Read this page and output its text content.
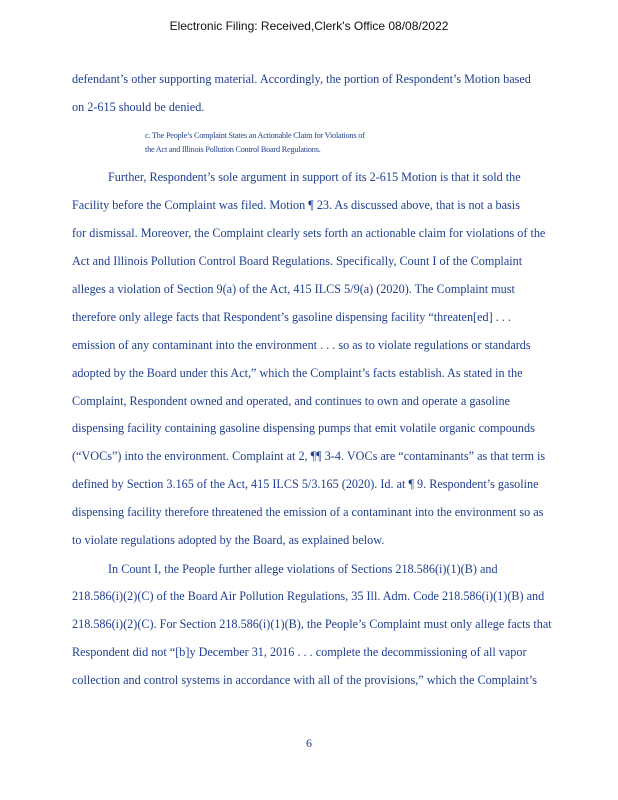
Electronic Filing: Received,Clerk's Office 08/08/2022
defendant’s other supporting material. Accordingly, the portion of Respondent’s Motion based
on 2-615 should be denied.
Further, Respondent’s sole argument in support of its 2-615 Motion is that it sold the
Facility before the Complaint was filed. Motion ¶ 23. As discussed above, that is not a basis
for dismissal. Moreover, the Complaint clearly sets forth an actionable claim for violations of the
Act and Illinois Pollution Control Board Regulations. Specifically, Count I of the Complaint
alleges a violation of Section 9(a) of the Act, 415 ILCS 5/9(a) (2020). The Complaint must
therefore only allege facts that Respondent’s gasoline dispensing facility “threaten[ed] . . .
emission of any contaminant into the environment . . . so as to violate regulations or standards
adopted by the Board under this Act,” which the Complaint’s facts establish. As stated in the
Complaint, Respondent owned and operated, and continues to own and operate a gasoline
dispensing facility containing gasoline dispensing pumps that emit volatile organic compounds
(“VOCs”) into the environment. Complaint at 2, ¶¶ 3-4. VOCs are “contaminants” as that term is
defined by Section 3.165 of the Act, 415 ILCS 5/3.165 (2020). Id. at ¶ 9. Respondent’s gasoline
dispensing facility therefore threatened the emission of a contaminant into the environment so as
to violate regulations adopted by the Board, as explained below.
In Count I, the People further allege violations of Sections 218.586(i)(1)(B) and
218.586(i)(2)(C) of the Board Air Pollution Regulations, 35 Ill. Adm. Code 218.586(i)(1)(B) and
218.586(i)(2)(C). For Section 218.586(i)(1)(B), the People’s Complaint must only allege facts that
Respondent did not “[b]y December 31, 2016 . . . complete the decommissioning of all vapor
collection and control systems in accordance with all of the provisions,” which the Complaint’s
c. The People’s Complaint States an Actionable Claim for Violations of
the Act and Illinois Pollution Control Board Regulations.
6
